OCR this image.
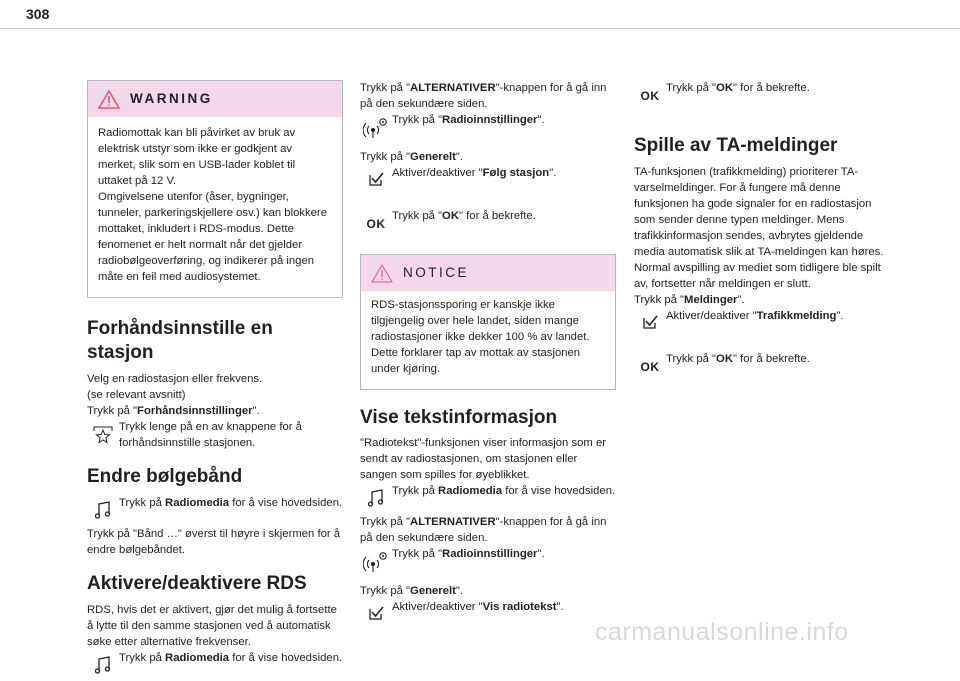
308
WARNING

Radiomottak kan bli påvirket av bruk av elektrisk utstyr som ikke er godkjent av merket, slik som en USB-lader koblet til uttaket på 12 V.

Omgivelsene utenfor (åser, bygninger, tunneler, parkeringskjellere osv.) kan blokkere mottaket, inkludert i RDS-modus. Dette fenomenet er helt normalt når det gjelder radiobølgeoverføring, og indikerer på ingen måte en feil med audiosystemet.

Forhåndsinnstille en stasjon

Velg en radiostasjon eller frekvens.

(se relevant avsnitt)

Trykk på "Forhåndsinnstillinger".

Trykk lenge på en av knappene for å forhåndsinnstille stasjonen.
Endre bølgebånd
Trykk på Radiomedia for å vise hovedsiden.

Trykk på "Bånd …" øverst til høyre i skjermen for å endre bølgebåndet.

Aktivere/deaktivere RDS

RDS, hvis det er aktivert, gjør det mulig å fortsette å lytte til den samme stasjonen ved å automatisk søke etter alternative frekvenser.

Trykk på Radiomedia for å vise hovedsiden.

Trykk på "ALTERNATIVER"-knappen for å gå inn på den sekundære siden.

Trykk på "Radioinnstillinger".

Trykk på "Generelt".

Aktiver/deaktiver "Følg stasjon".
OK
Trykk på "OK" for å bekrefte.
NOTICE

RDS-stasjonssporing er kanskje ikke tilgjengelig over hele landet, siden mange radiostasjoner ikke dekker 100 % av landet. Dette forklarer tap av mottak av stasjonen under kjøring.

Vise tekstinformasjon

"Radiotekst"-funksjonen viser informasjon som er sendt av radiostasjonen, om stasjonen eller sangen som spilles for øyeblikket.

Trykk på Radiomedia for å vise hovedsiden.

Trykk på "ALTERNATIVER"-knappen for å gå inn på den sekundære siden.

Trykk på "Radioinnstillinger".

Trykk på "Generelt".

Aktiver/deaktiver "Vis radiotekst".
OK
Trykk på "OK" for å bekrefte.
Spille av TA-meldinger

TA-funksjonen (trafikkmelding) prioriterer TA-varselmeldinger. For å fungere må denne funksjonen ha gode signaler for en radiostasjon som sender denne typen meldinger. Mens trafikkinformasjon sendes, avbrytes gjeldende media automatisk slik at TA-meldingen kan høres. Normal avspilling av mediet som tidligere ble spilt av, fortsetter når meldingen er slutt.

Trykk på "Meldinger".

Aktiver/deaktiver "Trafikkmelding".
OK
Trykk på "OK" for å bekrefte.
carmanualsonline.info
